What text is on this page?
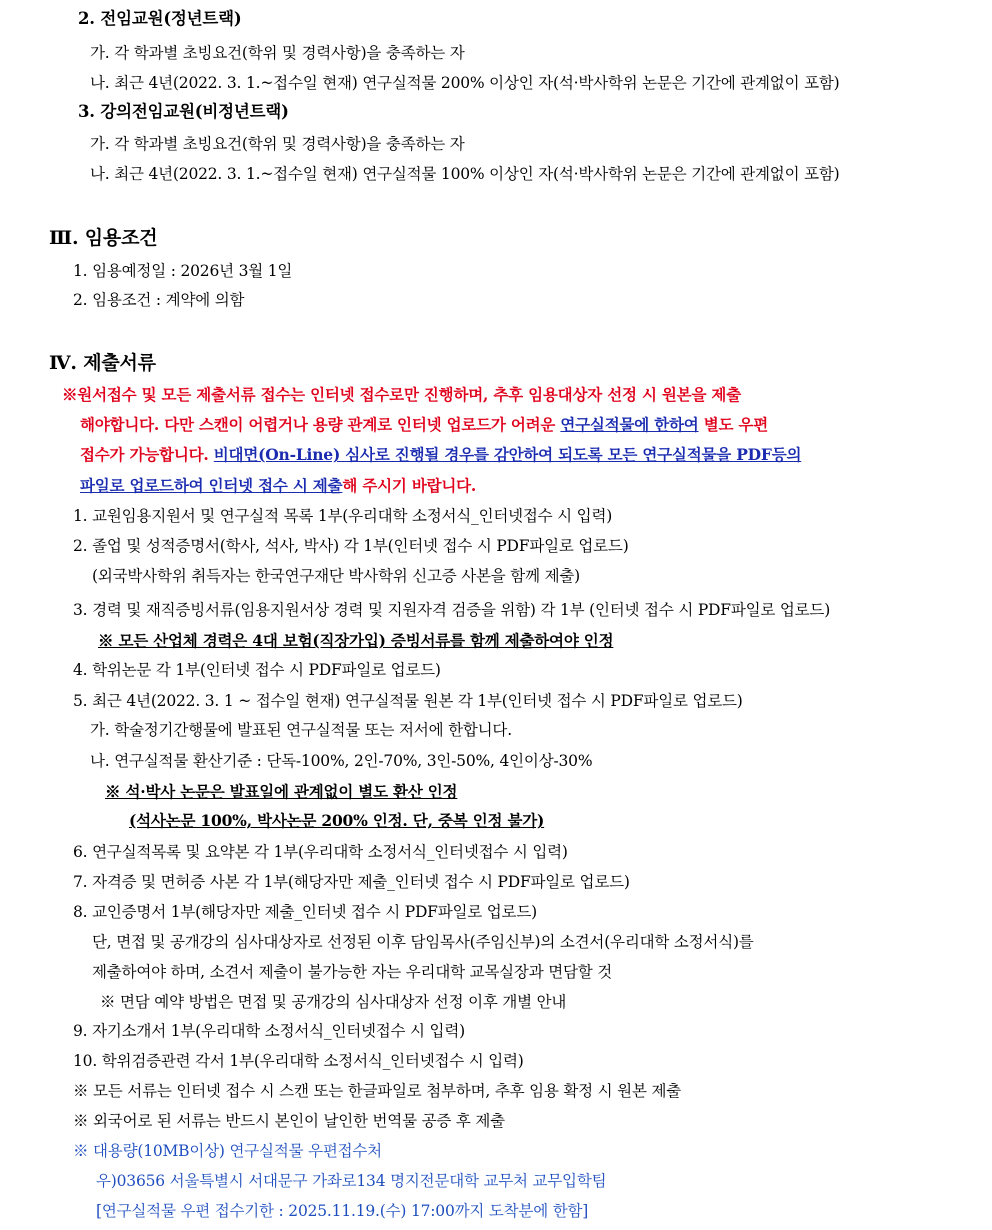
2. 전임교원(정년트랙)
가. 각 학과별 초빙요건(학위 및 경력사항)을 충족하는 자
나. 최근 4년(2022. 3. 1.~접수일 현재) 연구실적물 200% 이상인 자(석·박사학위 논문은 기간에 관계없이 포함)
3. 강의전임교원(비정년트랙)
가. 각 학과별 초빙요건(학위 및 경력사항)을 충족하는 자
나. 최근 4년(2022. 3. 1.~접수일 현재) 연구실적물 100% 이상인 자(석·박사학위 논문은 기간에 관계없이 포함)
Ⅲ. 임용조건
1. 임용예정일 : 2026년 3월 1일
2. 임용조건 : 계약에 의함
Ⅳ. 제출서류
※원서접수 및 모든 제출서류 접수는 인터넷 접수로만 진행하며, 추후 임용대상자 선정 시 원본을 제출
해야합니다. 다만 스캔이 어렵거나 용량 관계로 인터넷 업로드가 어려운 연구실적물에 한하여 별도 우편
접수가 가능합니다. 비대면(On-Line) 심사로 진행될 경우를 감안하여 되도록 모든 연구실적물을 PDF등의
파일로 업로드하여 인터넷 접수 시 제출해 주시기 바랍니다.
1. 교원임용지원서 및 연구실적 목록 1부(우리대학 소정서식_인터넷접수 시 입력)
2. 졸업 및 성적증명서(학사, 석사, 박사) 각 1부(인터넷 접수 시 PDF파일로 업로드)
(외국박사학위 취득자는 한국연구재단 박사학위 신고증 사본을 함께 제출)
3. 경력 및 재직증빙서류(임용지원서상 경력 및 지원자격 검증을 위함) 각 1부 (인터넷 접수 시 PDF파일로 업로드)
※ 모든 산업체 경력은 4대 보험(직장가입) 증빙서류를 함께 제출하여야 인정
4. 학위논문 각 1부(인터넷 접수 시 PDF파일로 업로드)
5. 최근 4년(2022. 3. 1 ~ 접수일 현재) 연구실적물 원본 각 1부(인터넷 접수 시 PDF파일로 업로드)
가. 학술정기간행물에 발표된 연구실적물 또는 저서에 한합니다.
나. 연구실적물 환산기준 : 단독-100%, 2인-70%, 3인-50%, 4인이상-30%
※ 석·박사 논문은 발표일에 관계없이 별도 환산 인정
(석사논문 100%, 박사논문 200% 인정. 단, 중복 인정 불가)
6. 연구실적목록 및 요약본 각 1부(우리대학 소정서식_인터넷접수 시 입력)
7. 자격증 및 면허증 사본 각 1부(해당자만 제출_인터넷 접수 시 PDF파일로 업로드)
8. 교인증명서 1부(해당자만 제출_인터넷 접수 시 PDF파일로 업로드)
단, 면접 및 공개강의 심사대상자로 선정된 이후 담임목사(주임신부)의 소견서(우리대학 소정서식)를
제출하여야 하며, 소견서 제출이 불가능한 자는 우리대학 교목실장과 면담할 것
※ 면담 예약 방법은 면접 및 공개강의 심사대상자 선정 이후 개별 안내
9. 자기소개서 1부(우리대학 소정서식_인터넷접수 시 입력)
10. 학위검증관련 각서 1부(우리대학 소정서식_인터넷접수 시 입력)
※ 모든 서류는 인터넷 접수 시 스캔 또는 한글파일로 첨부하며, 추후 임용 확정 시 원본 제출
※ 외국어로 된 서류는 반드시 본인이 날인한 번역물 공증 후 제출
※ 대용량(10MB이상) 연구실적물 우편접수처
우)03656 서울특별시 서대문구 가좌로134 명지전문대학 교무처 교무입학팀
[연구실적물 우편 접수기한 : 2025.11.19.(수) 17:00까지 도착분에 한함]
